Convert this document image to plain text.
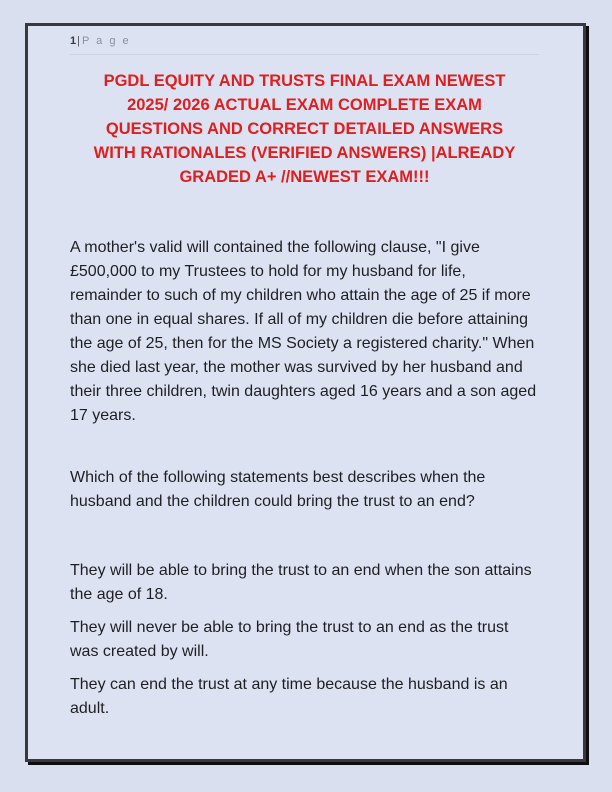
1| P a g e
PGDL EQUITY AND TRUSTS FINAL EXAM NEWEST
2025/ 2026 ACTUAL EXAM COMPLETE EXAM
QUESTIONS AND CORRECT DETAILED ANSWERS
WITH RATIONALES (VERIFIED ANSWERS) |ALREADY
GRADED A+ //NEWEST EXAM!!!
A mother's valid will contained the following clause, "I give £500,000 to my Trustees to hold for my husband for life, remainder to such of my children who attain the age of 25 if more than one in equal shares. If all of my children die before attaining the age of 25, then for the MS Society a registered charity." When she died last year, the mother was survived by her husband and their three children, twin daughters aged 16 years and a son aged 17 years.
Which of the following statements best describes when the husband and the children could bring the trust to an end?
They will be able to bring the trust to an end when the son attains the age of 18.
They will never be able to bring the trust to an end as the trust was created by will.
They can end the trust at any time because the husband is an adult.
